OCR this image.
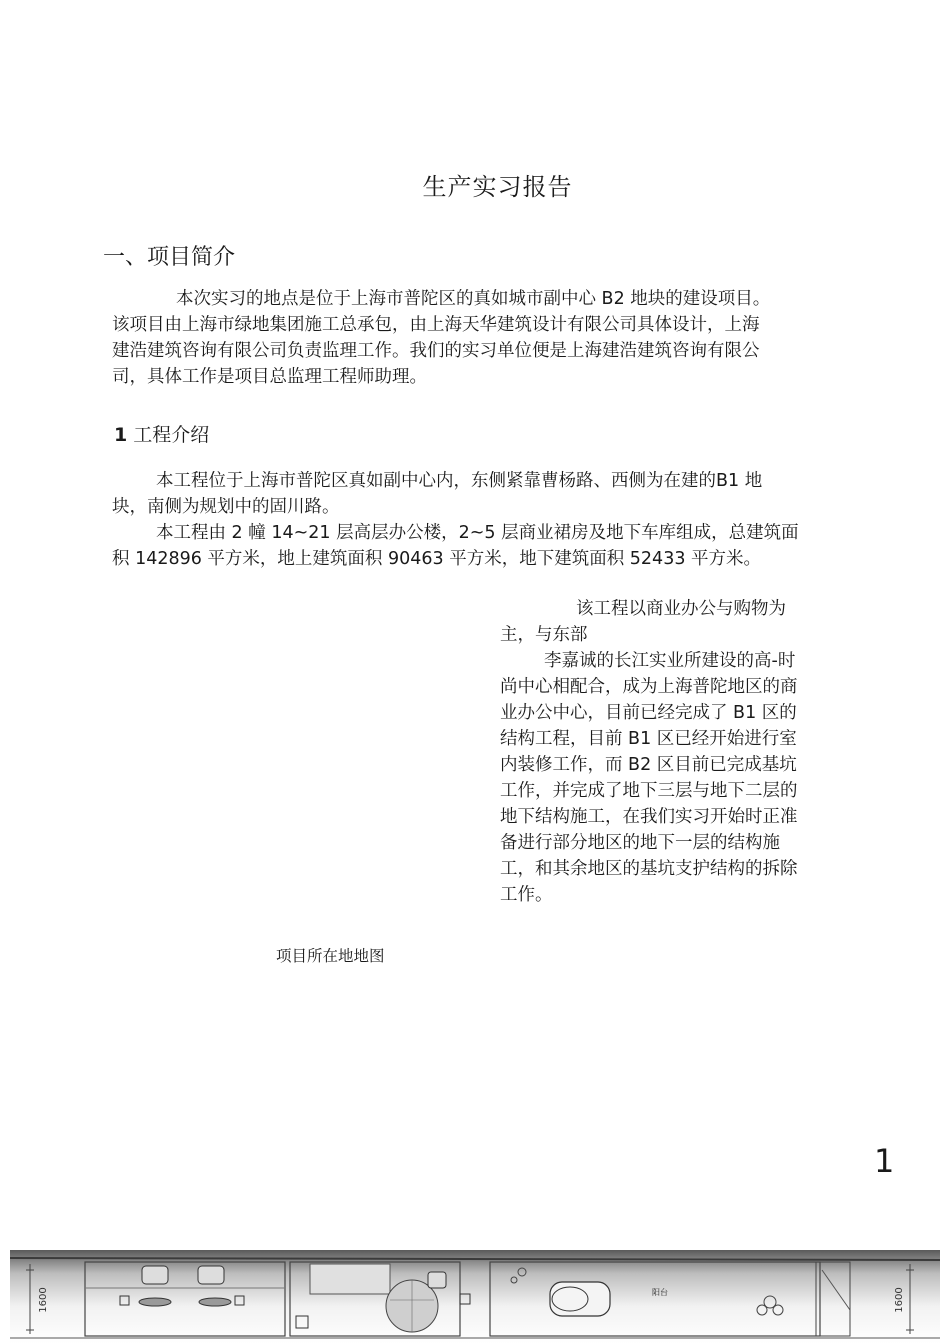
生产实习报告
一、项目简介
本次实习的地点是位于上海市普陀区的真如城市副中心 B2 地块的建设项目。
该项目由上海市绿地集团施工总承包，由上海天华建筑设计有限公司具体设计，上海
建浩建筑咨询有限公司负责监理工作。我们的实习单位便是上海建浩建筑咨询有限公
司，具体工作是项目总监理工程师助理。
1 工程介绍
本工程位于上海市普陀区真如副中心内，东侧紧靠曹杨路、西侧为在建的B1 地
块，南侧为规划中的固川路。
本工程由 2 幢 14~21 层高层办公楼，2~5 层商业裙房及地下车库组成，总建筑面
积 142896 平方米，地上建筑面积 90463 平方米，地下建筑面积 52433 平方米。
该工程以商业办公与购物为
主，与东部
李嘉诚的长江实业所建设的高-时
尚中心相配合，成为上海普陀地区的商
业办公中心，目前已经完成了 B1 区的
结构工程，目前 B1 区已经开始进行室
内装修工作，而 B2 区目前已完成基坑
工作，并完成了地下三层与地下二层的
地下结构施工，在我们实习开始时正准
备进行部分地区的地下一层的结构施
工，和其余地区的基坑支护结构的拆除
工作。
项目所在地地图
1
1600	1600
阳台
